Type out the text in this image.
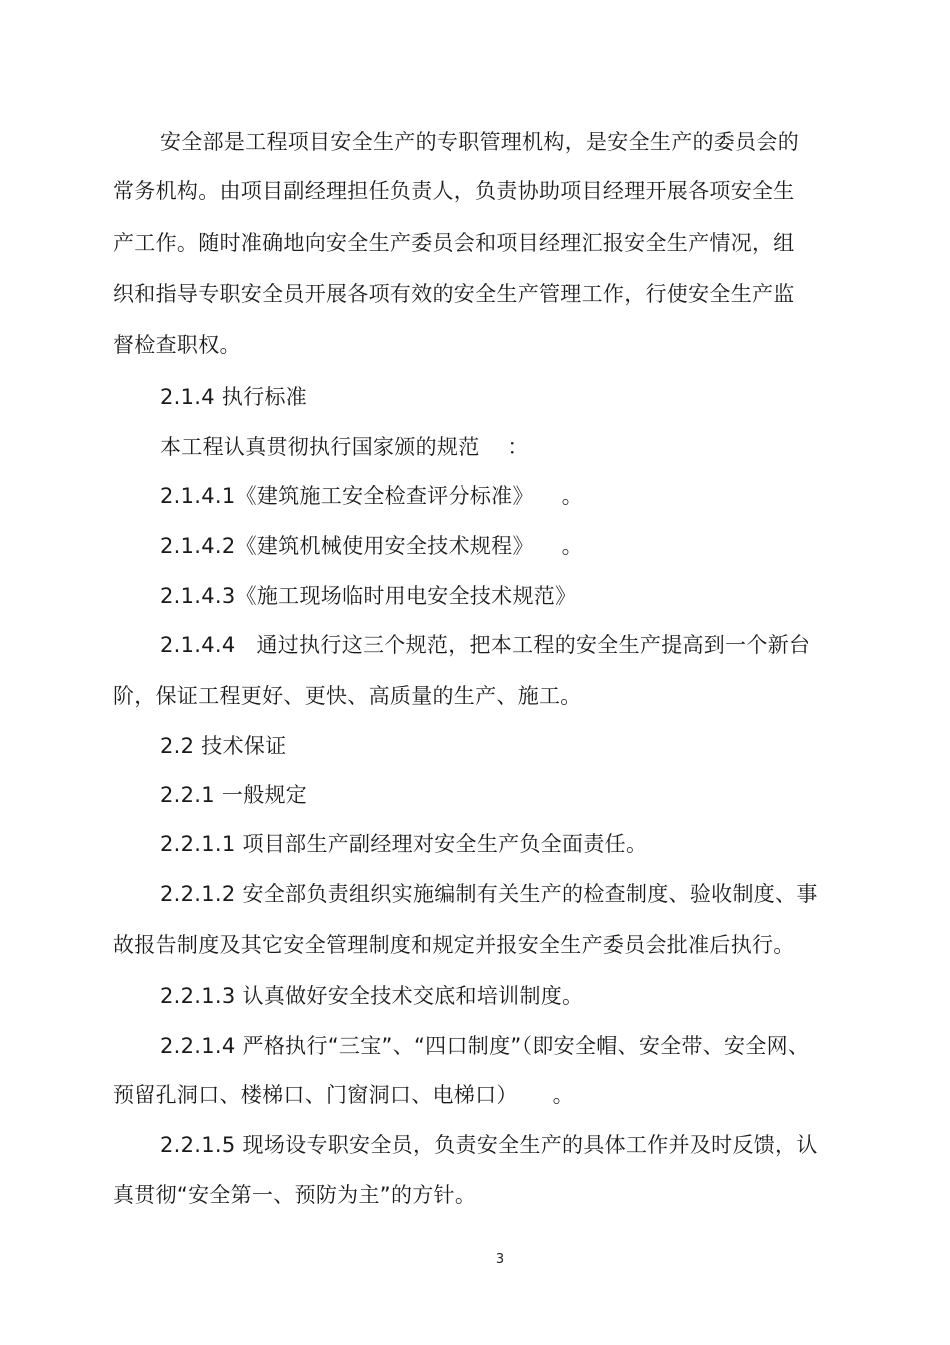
安全部是工程项目安全生产的专职管理机构，是安全生产的委员会的
常务机构。由项目副经理担任负责人，负责协助项目经理开展各项安全生
产工作。随时准确地向安全生产委员会和项目经理汇报安全生产情况，组
织和指导专职安全员开展各项有效的安全生产管理工作，行使安全生产监
督检查职权。
2.1.4 执行标准
本工程认真贯彻执行国家颁的规范    ：
2.1.4.1《建筑施工安全检查评分标准》    。
2.1.4.2《建筑机械使用安全技术规程》    。
2.1.4.3《施工现场临时用电安全技术规范》
2.1.4.4   通过执行这三个规范，把本工程的安全生产提高到一个新台
阶，保证工程更好、更快、高质量的生产、施工。
2.2 技术保证
2.2.1 一般规定
2.2.1.1 项目部生产副经理对安全生产负全面责任。
2.2.1.2 安全部负责组织实施编制有关生产的检查制度、验收制度、事
故报告制度及其它安全管理制度和规定并报安全生产委员会批准后执行。
2.2.1.3 认真做好安全技术交底和培训制度。
2.2.1.4 严格执行“三宝”、“四口制度”（即安全帽、安全带、安全网、
预留孔洞口、楼梯口、门窗洞口、电梯口）     。
2.2.1.5 现场设专职安全员，负责安全生产的具体工作并及时反馈，认
真贯彻“安全第一、预防为主”的方针。
3
